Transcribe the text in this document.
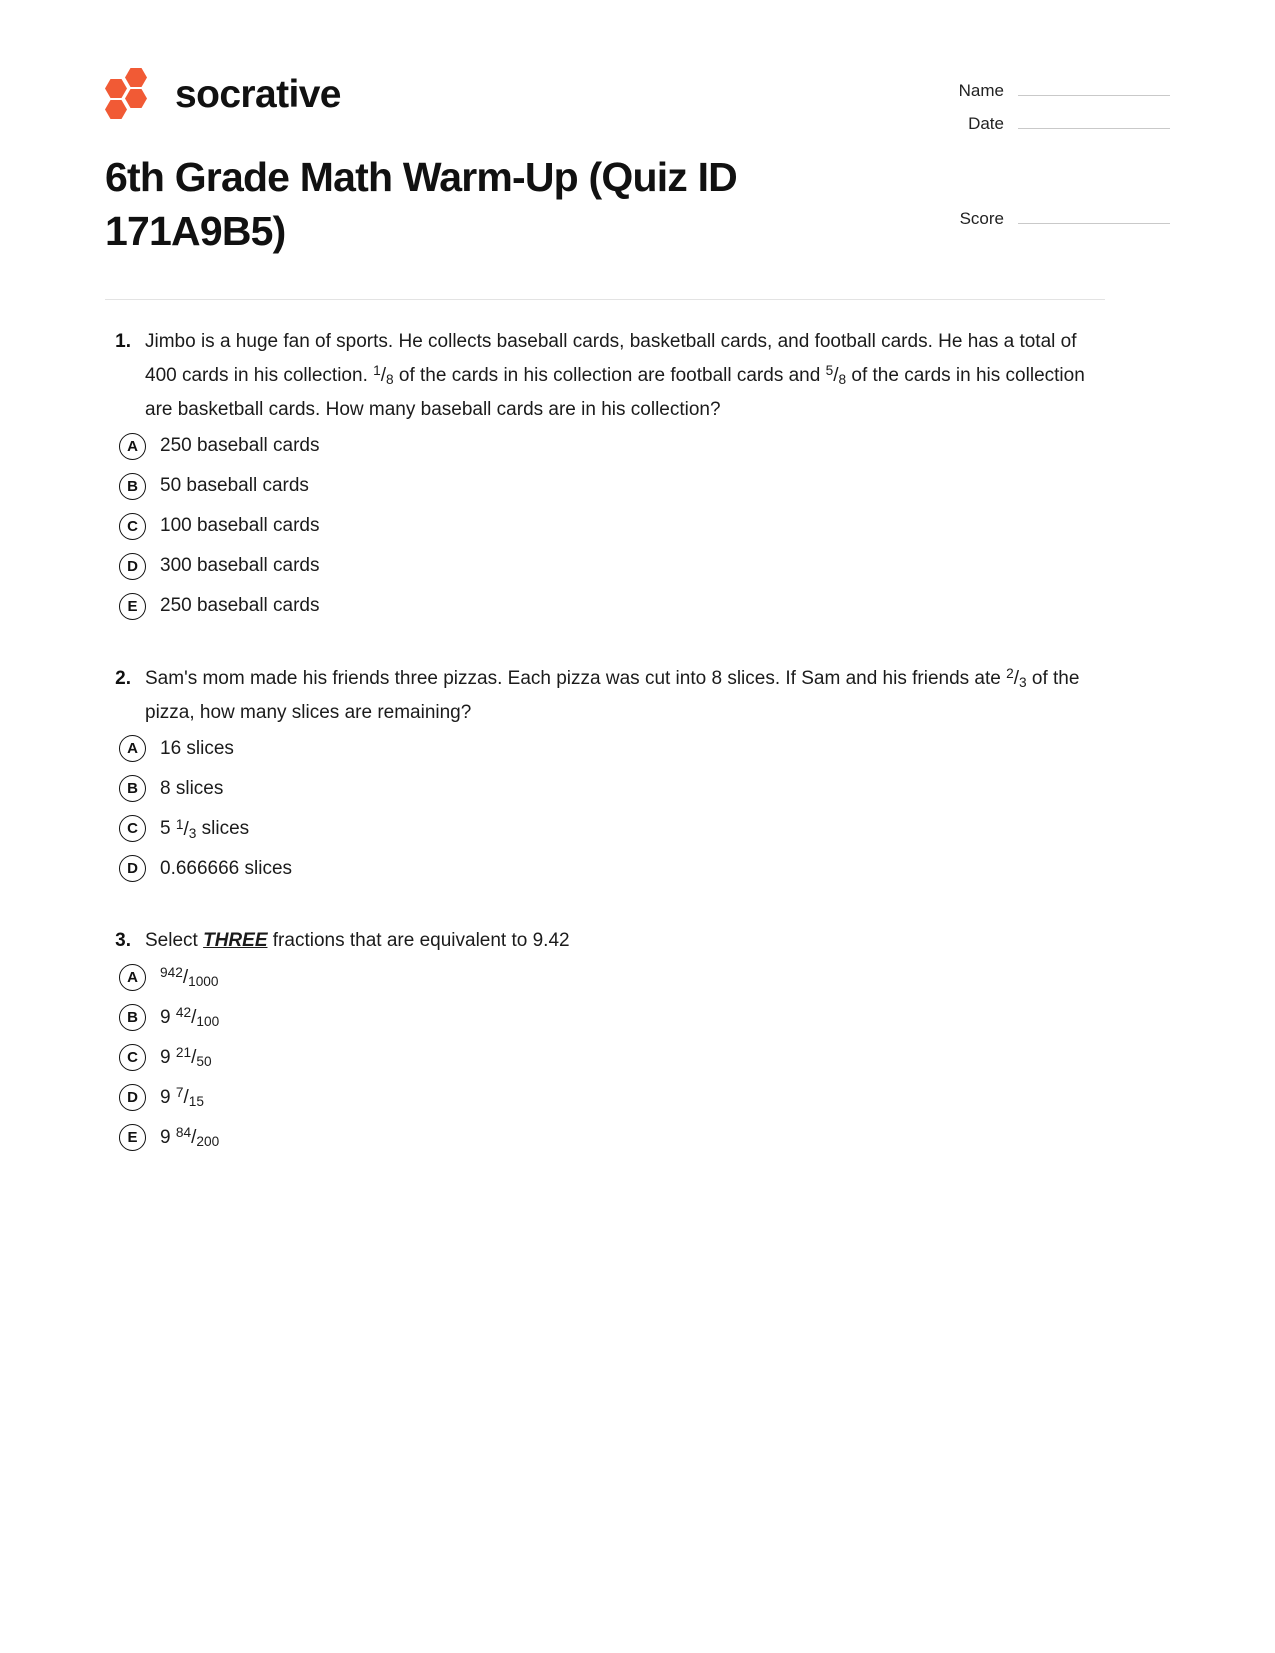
socrative	Name
Date
Score
6th Grade Math Warm-Up (Quiz ID 171A9B5)
1. Jimbo is a huge fan of sports. He collects baseball cards, basketball cards, and football cards. He has a total of 400 cards in his collection. $^1$/8 of the cards in his collection are football cards and $^5$/8 of the cards in his collection are basketball cards. How many baseball cards are in his collection?
A	250 baseball cards
B	50 baseball cards
C	100 baseball cards
D	300 baseball cards
E	250 baseball cards
2. Sam's mom made his friends three pizzas. Each pizza was cut into 8 slices. If Sam and his friends ate $^2$/3 of the pizza, how many slices are remaining?
A	16 slices
B	8 slices
C	5 $^1$/3 slices
D	0.666666 slices
3. Select THREE fractions that are equivalent to 9.42
A	$^{942}$/1000
B	9 $^{42}$/100
C	9 $^{21}$/50
D	9 $^7$/15
E	9 $^{84}$/200
